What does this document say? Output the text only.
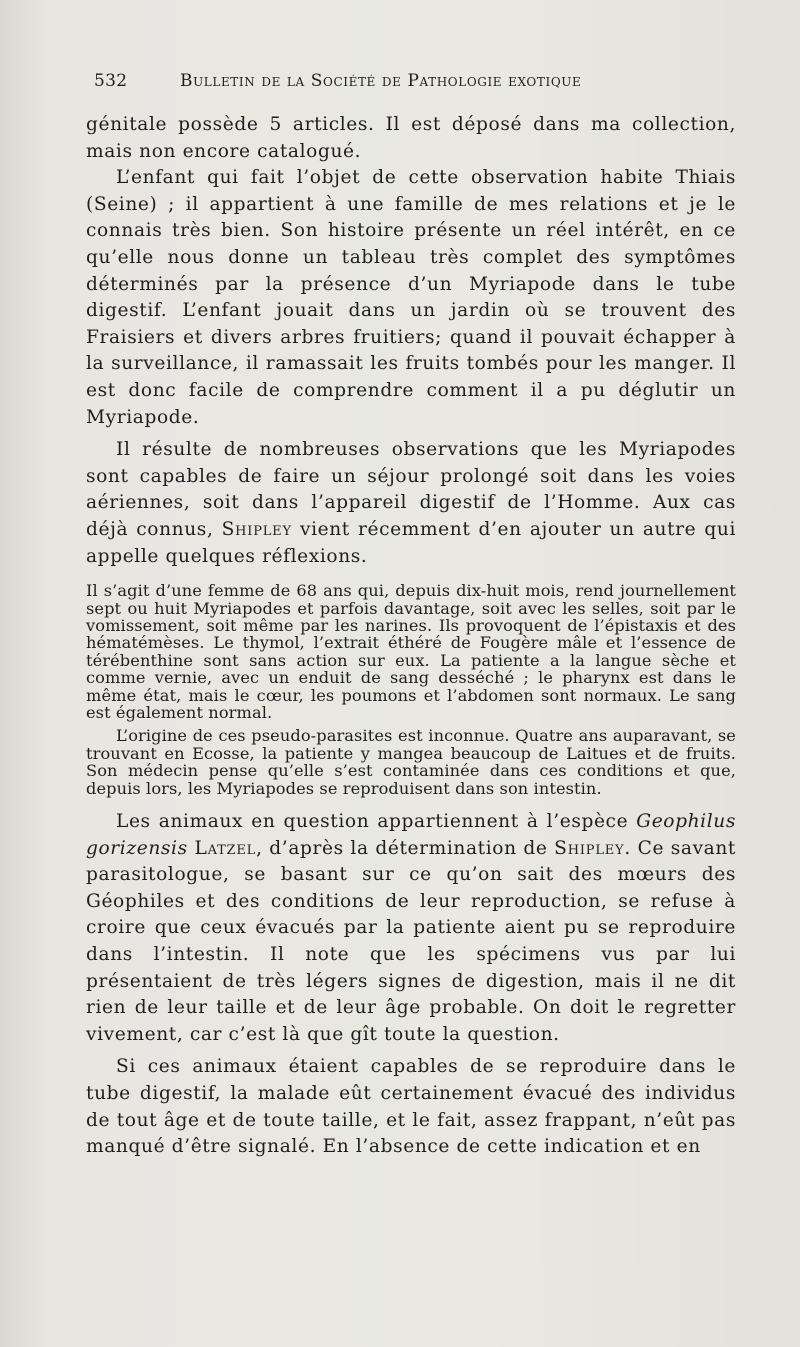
532	Bulletin de la Société de Pathologie exotique

génitale possède 5 articles. Il est déposé dans ma collection, mais non encore catalogué.

L’enfant qui fait l’objet de cette observation habite Thiais (Seine) ; il appartient à une famille de mes relations et je le connais très bien. Son histoire présente un réel intérêt, en ce qu’elle nous donne un tableau très complet des symptômes déterminés par la présence d’un Myriapode dans le tube digestif. L’enfant jouait dans un jardin où se trouvent des Fraisiers et divers arbres fruitiers; quand il pouvait échapper à la surveillance, il ramassait les fruits tombés pour les manger. Il est donc facile de comprendre comment il a pu déglutir un Myriapode.

Il résulte de nombreuses observations que les Myriapodes sont capables de faire un séjour prolongé soit dans les voies aériennes, soit dans l’appareil digestif de l’Homme. Aux cas déjà connus, Shipley vient récemment d’en ajouter un autre qui appelle quelques réflexions.

Il s’agit d’une femme de 68 ans qui, depuis dix-huit mois, rend journellement sept ou huit Myriapodes et parfois davantage, soit avec les selles, soit par le vomissement, soit même par les narines. Ils provoquent de l’épistaxis et des hématémèses. Le thymol, l’extrait éthéré de Fougère mâle et l’essence de térébenthine sont sans action sur eux. La patiente a la langue sèche et comme vernie, avec un enduit de sang desséché ; le pharynx est dans le même état, mais le cœur, les poumons et l’abdomen sont normaux. Le sang est également normal.

L’origine de ces pseudo-parasites est inconnue. Quatre ans auparavant, se trouvant en Ecosse, la patiente y mangea beaucoup de Laitues et de fruits. Son médecin pense qu’elle s’est contaminée dans ces conditions et que, depuis lors, les Myriapodes se reproduisent dans son intestin.

Les animaux en question appartiennent à l’espèce Geophilus gorizensis Latzel, d’après la détermination de Shipley. Ce savant parasitologue, se basant sur ce qu’on sait des mœurs des Géophiles et des conditions de leur reproduction, se refuse à croire que ceux évacués par la patiente aient pu se reproduire dans l’intestin. Il note que les spécimens vus par lui présentaient de très légers signes de digestion, mais il ne dit rien de leur taille et de leur âge probable. On doit le regretter vivement, car c’est là que gît toute la question.

Si ces animaux étaient capables de se reproduire dans le tube digestif, la malade eût certainement évacué des individus de tout âge et de toute taille, et le fait, assez frappant, n’eût pas manqué d’être signalé. En l’absence de cette indication et en
